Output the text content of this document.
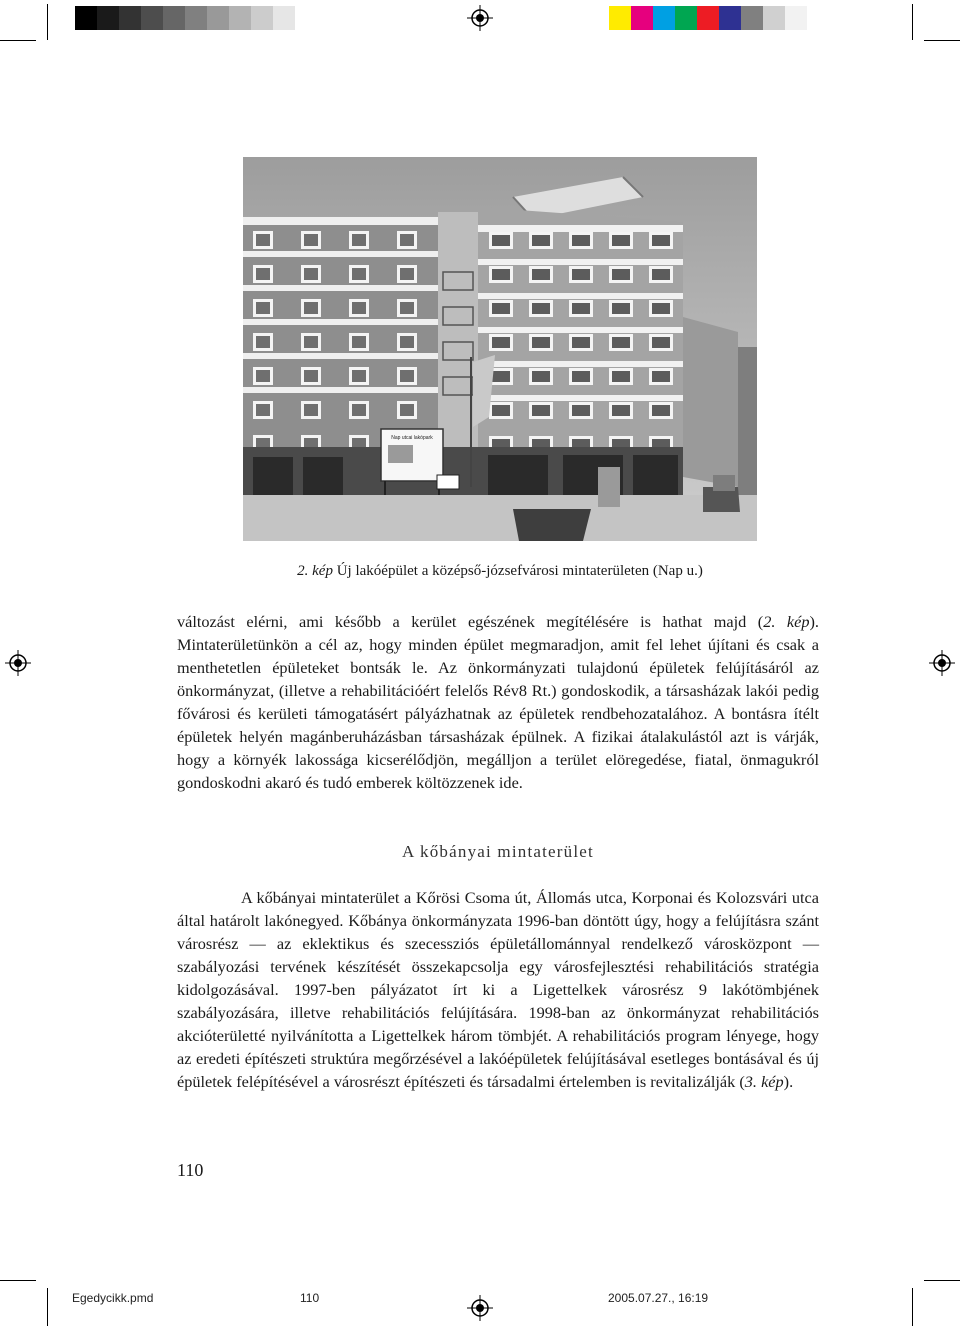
Nap utcai lakópark
2. kép Új lakóépület a középső-józsefvárosi mintaterületen (Nap u.)

változást elérni, ami később a kerület egészének megítélésére is hathat majd (2. kép). Mintaterületünkön a cél az, hogy minden épület megmaradjon, amit fel lehet újítani és csak a menthetetlen épületeket bontsák le. Az önkormányzati tulajdonú épületek felújításáról az önkormányzat, (illetve a rehabilitációért felelős Rév8 Rt.) gondoskodik, a társasházak lakói pedig fővárosi és kerületi támogatásért pályázhatnak az épületek rendbehozatalához. A bontásra ítélt épületek helyén magánberuházásban társasházak épülnek. A fizikai átalakulástól azt is várják, hogy a környék lakossága kicserélődjön, megálljon a terület elöregedése, fiatal, önmagukról gondoskodni akaró és tudó emberek költözzenek ide.

A kőbányai mintaterület

A kőbányai mintaterület a Kőrösi Csoma út, Állomás utca, Korponai és Kolozsvári utca által határolt lakónegyed. Kőbánya önkormányzata 1996-ban döntött úgy, hogy a felújításra szánt városrész — az eklektikus és szecessziós épületállománnyal rendelkező városközpont — szabályozási tervének készítését összekapcsolja egy városfejlesztési rehabilitációs stratégia kidolgozásával. 1997-ben pályázatot írt ki a Ligettelkek városrész 9 lakótömbjének szabályozására, illetve rehabilitációs felújítására. 1998-ban az önkormányzat rehabilitációs akcióterületté nyilvánította a Ligettelkek három tömbjét. A rehabilitációs program lényege, hogy az eredeti építészeti struktúra megőrzésével a lakóépületek felújításával esetleges bontásával és új épületek felépítésével a városrészt építészeti és társadalmi értelemben is revitalizálják (3. kép).

110
Egedycikk.pmd	110	2005.07.27., 16:19
